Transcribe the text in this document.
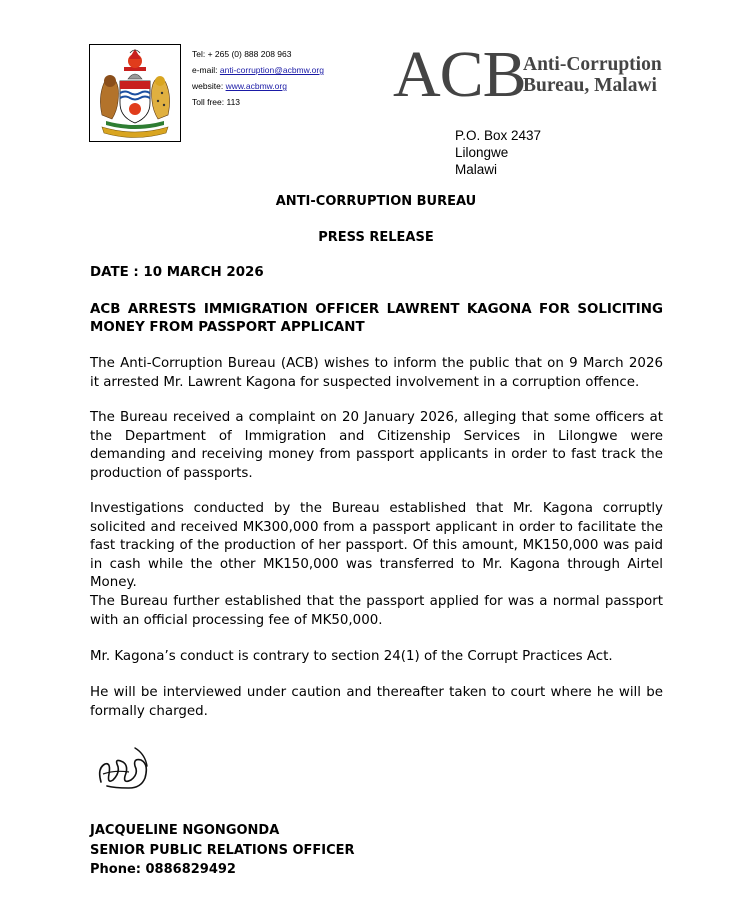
Tel: + 265 (0) 888 208 963
e-mail: anti-corruption@acbmw.org
website: www.acbmw.org
Toll free: 113	ACB
Anti-Corruption
Bureau, Malawi
P.O. Box 2437
Lilongwe
Malawi
ANTI-CORRUPTION BUREAU
PRESS RELEASE
DATE : 10 MARCH 2026
ACB ARRESTS IMMIGRATION OFFICER LAWRENT KAGONA FOR SOLICITING MONEY FROM PASSPORT APPLICANT
The Anti-Corruption Bureau (ACB) wishes to inform the public that on 9 March 2026 it arrested Mr. Lawrent Kagona for suspected involvement in a corruption offence.
The Bureau received a complaint on 20 January 2026, alleging that some officers at the Department of Immigration and Citizenship Services in Lilongwe were demanding and receiving money from passport applicants in order to fast track the production of passports.
Investigations conducted by the Bureau established that Mr. Kagona corruptly solicited and received MK300,000 from a passport applicant in order to facilitate the fast tracking of the production of her passport. Of this amount, MK150,000 was paid in cash while the other MK150,000 was transferred to Mr. Kagona through Airtel Money.
The Bureau further established that the passport applied for was a normal passport with an official processing fee of MK50,000.
Mr. Kagona’s conduct is contrary to section 24(1) of the Corrupt Practices Act.
He will be interviewed under caution and thereafter taken to court where he will be formally charged.
JACQUELINE NGONGONDA
SENIOR PUBLIC RELATIONS OFFICER
Phone: 0886829492
